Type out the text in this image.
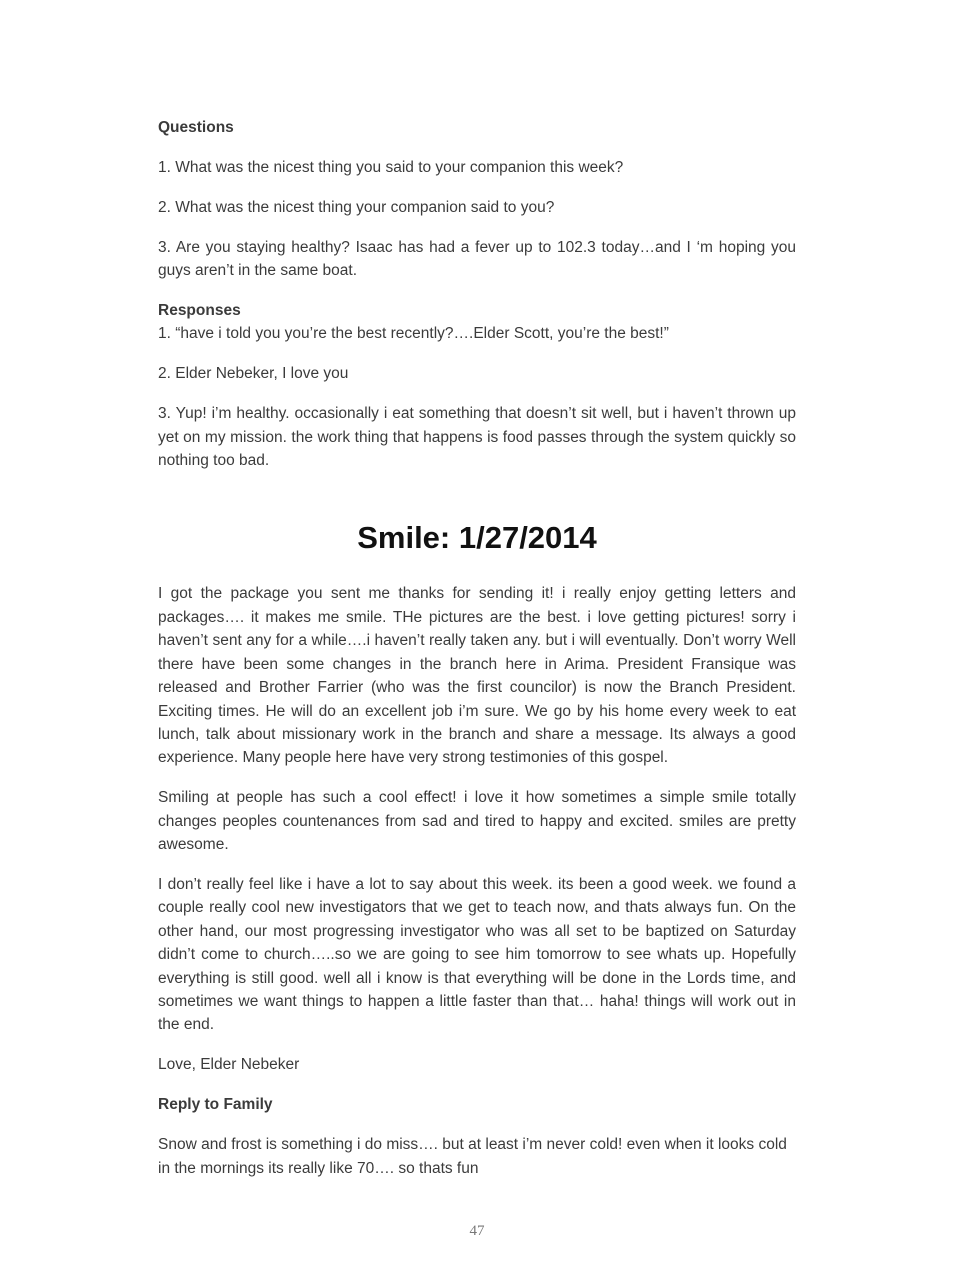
Questions

1. What was the nicest thing you said to your companion this week?

2. What was the nicest thing your companion said to you?

3. Are you staying healthy? Isaac has had a fever up to 102.3 today…and I ‘m hoping you guys aren’t in the same boat.

Responses

1. “have i told you you’re the best recently?….Elder Scott, you’re the best!”

2. Elder Nebeker, I love you

3. Yup! i’m healthy. occasionally i eat something that doesn’t sit well, but i haven’t thrown up yet on my mission. the work thing that happens is food passes through the system quickly so nothing too bad.

Smile: 1/27/2014

I got the package you sent me thanks for sending it! i really enjoy getting letters and packages…. it makes me smile. THe pictures are the best. i love getting pictures! sorry i haven’t sent any for a while….i haven’t really taken any. but i will eventually. Don’t worry Well there have been some changes in the branch here in Arima. President Fransique was released and Brother Farrier (who was the first councilor) is now the Branch President. Exciting times. He will do an excellent job i’m sure. We go by his home every week to eat lunch, talk about missionary work in the branch and share a message. Its always a good experience. Many people here have very strong testimonies of this gospel.

Smiling at people has such a cool effect! i love it how sometimes a simple smile totally changes peoples countenances from sad and tired to happy and excited. smiles are pretty awesome.

I don’t really feel like i have a lot to say about this week. its been a good week. we found a couple really cool new investigators that we get to teach now, and thats always fun. On the other hand, our most progressing investigator who was all set to be baptized on Saturday didn’t come to church…..so we are going to see him tomorrow to see whats up. Hopefully everything is still good. well all i know is that everything will be done in the Lords time, and sometimes we want things to happen a little faster than that… haha! things will work out in the end.

Love, Elder Nebeker

Reply to Family

Snow and frost is something i do miss…. but at least i’m never cold! even when it looks cold in the mornings its really like 70…. so thats fun

47
